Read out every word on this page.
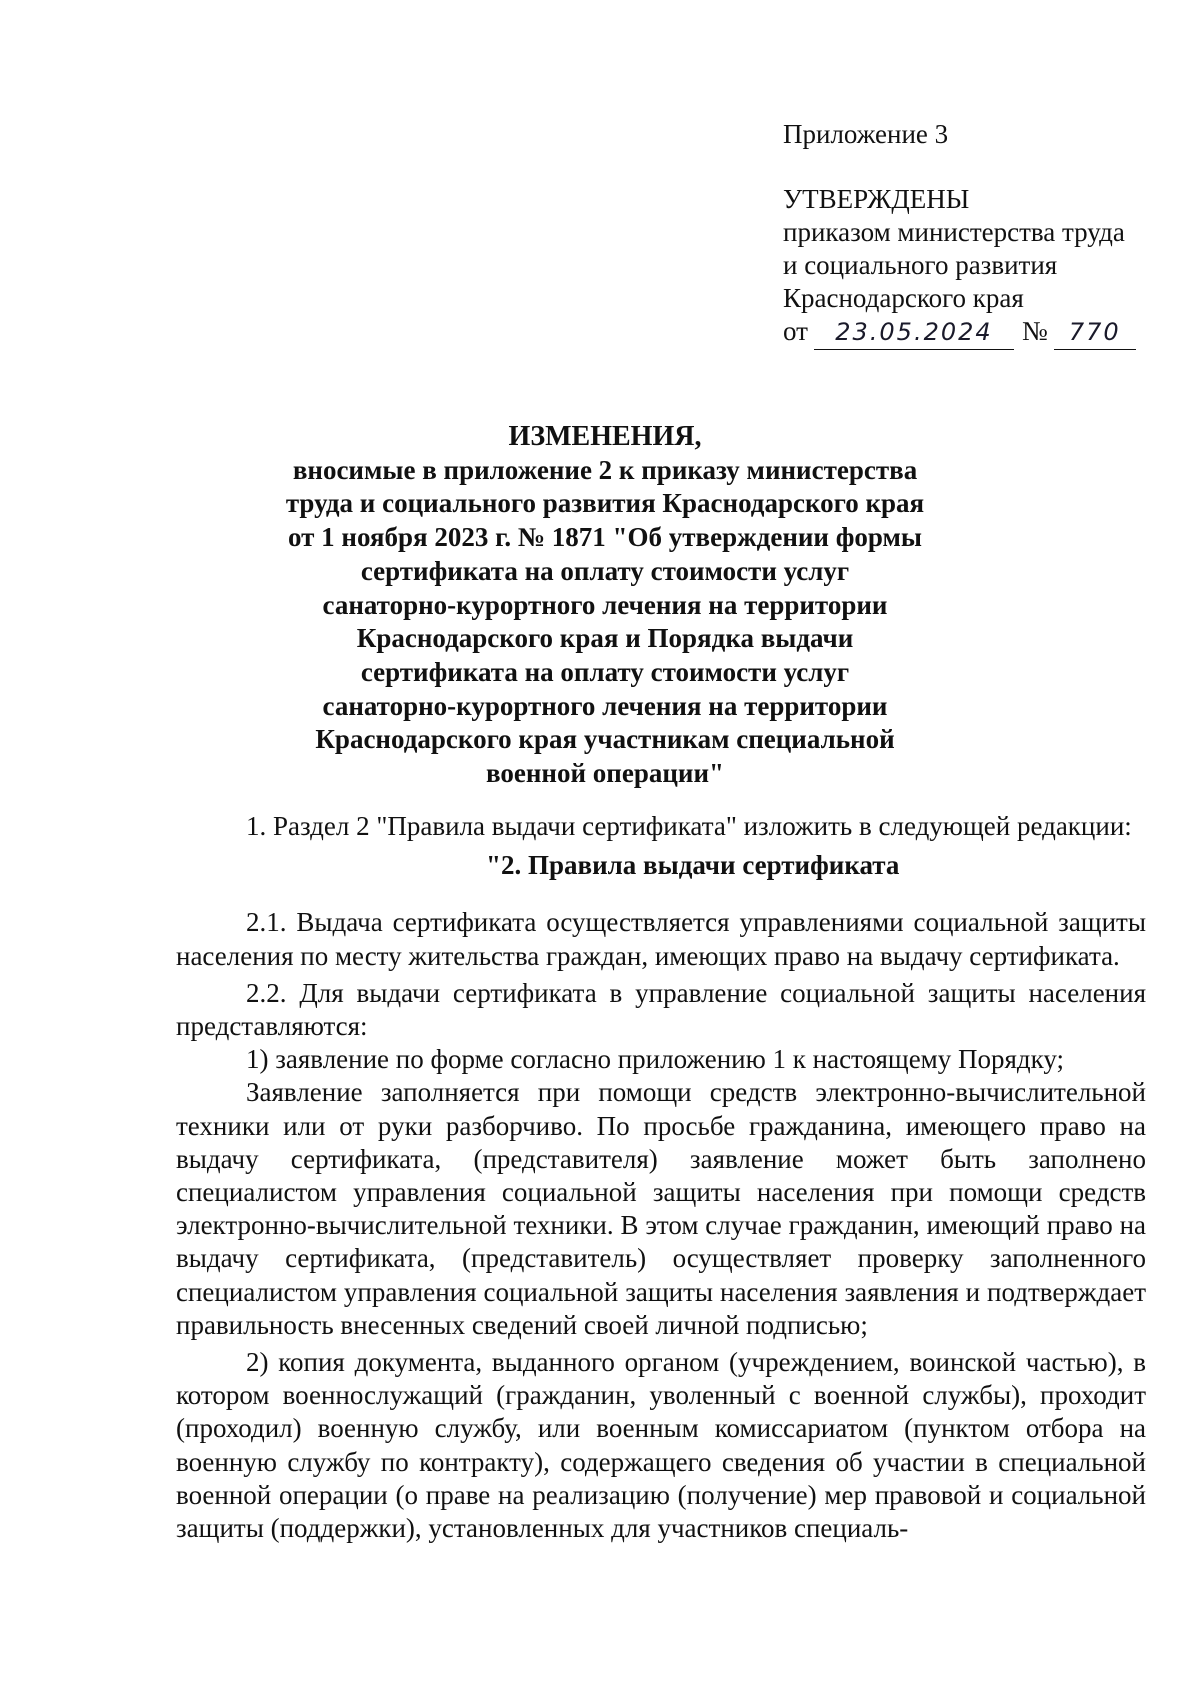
Приложение 3
УТВЕРЖДЕНЫ
приказом министерства труда
и социального развития
Краснодарского края
от	23.05.2024	№ 770
ИЗМЕНЕНИЯ,
вносимые в приложение 2 к приказу министерства
труда и социального развития Краснодарского края
от 1 ноября 2023 г. № 1871 "Об утверждении формы
сертификата на оплату стоимости услуг
санаторно-курортного лечения на территории
Краснодарского края и Порядка выдачи
сертификата на оплату стоимости услуг
санаторно-курортного лечения на территории
Краснодарского края участникам специальной
военной операции"

1. Раздел 2 "Правила выдачи сертификата" изложить в следующей редакции:

"2. Правила выдачи сертификата

2.1. Выдача сертификата осуществляется управлениями социальной защиты населения по месту жительства граждан, имеющих право на выдачу сертификата.

2.2. Для выдачи сертификата в управление социальной защиты населения представляются:

1) заявление по форме согласно приложению 1 к настоящему Порядку;

Заявление заполняется при помощи средств электронно-вычислительной техники или от руки разборчиво. По просьбе гражданина, имеющего право на выдачу сертификата, (представителя) заявление может быть заполнено специалистом управления социальной защиты населения при помощи средств электронно-вычислительной техники. В этом случае гражданин, имеющий право на выдачу сертификата, (представитель) осуществляет проверку заполненного специалистом управления социальной защиты населения заявления и подтверждает правильность внесенных сведений своей личной подписью;

2) копия документа, выданного органом (учреждением, воинской частью), в котором военнослужащий (гражданин, уволенный с военной службы), проходит (проходил) военную службу, или военным комиссариатом (пунктом отбора на военную службу по контракту), содержащего сведения об участии в специальной военной операции (о праве на реализацию (получение) мер правовой и социальной защиты (поддержки), установленных для участников специаль-
